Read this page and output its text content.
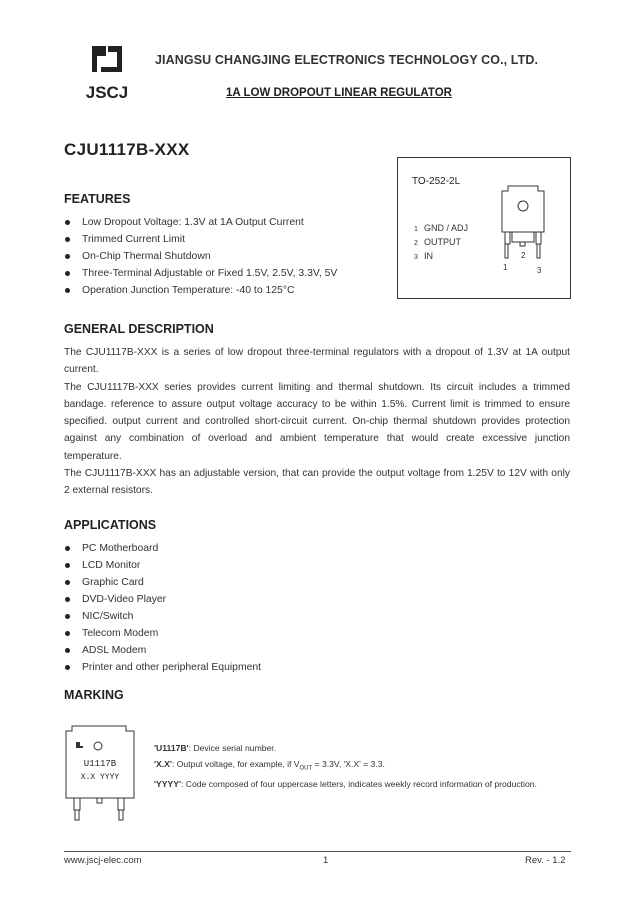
JSCJ
JIANGSU CHANGJING ELECTRONICS TECHNOLOGY CO., LTD.
1A LOW DROPOUT LINEAR REGULATOR
CJU1117B-XXX
FEATURES
Low Dropout Voltage: 1.3V at 1A Output Current
Trimmed Current Limit
On-Chip Thermal Shutdown
Three-Terminal Adjustable or Fixed 1.5V, 2.5V, 3.3V, 5V
Operation Junction Temperature: -40 to 125°C
TO-252-2L
1
2
3
1 GND / ADJ
2 OUTPUT
3 IN
GENERAL DESCRIPTION

The CJU1117B-XXX is a series of low dropout three-terminal regulators with a dropout of 1.3V at 1A output current.

The CJU1117B-XXX series provides current limiting and thermal shutdown. Its circuit includes a trimmed bandage. reference to assure output voltage accuracy to be within 1.5%. Current limit is trimmed to ensure specified. output current and controlled short-circuit current. On-chip thermal shutdown provides protection against any combination of overload and ambient temperature that would create excessive junction temperature.

The CJU1117B-XXX has an adjustable version, that can provide the output voltage from 1.25V to 12V with only 2 external resistors.

APPLICATIONS
PC Motherboard
LCD Monitor
Graphic Card
DVD-Video Player
NIC/Switch
Telecom Modem
ADSL Modem
Printer and other peripheral Equipment
MARKING
U1117B
X.X YYYY
'U1117B': Device serial number.
'X.X': Output voltage, for example, if $V_{OUT} = 3.3V$, 'X.X' = 3.3.
'YYYY': Code composed of four uppercase letters, indicates weekly record information of production.
www.jscj-elec.com	1	Rev. - 1.2
